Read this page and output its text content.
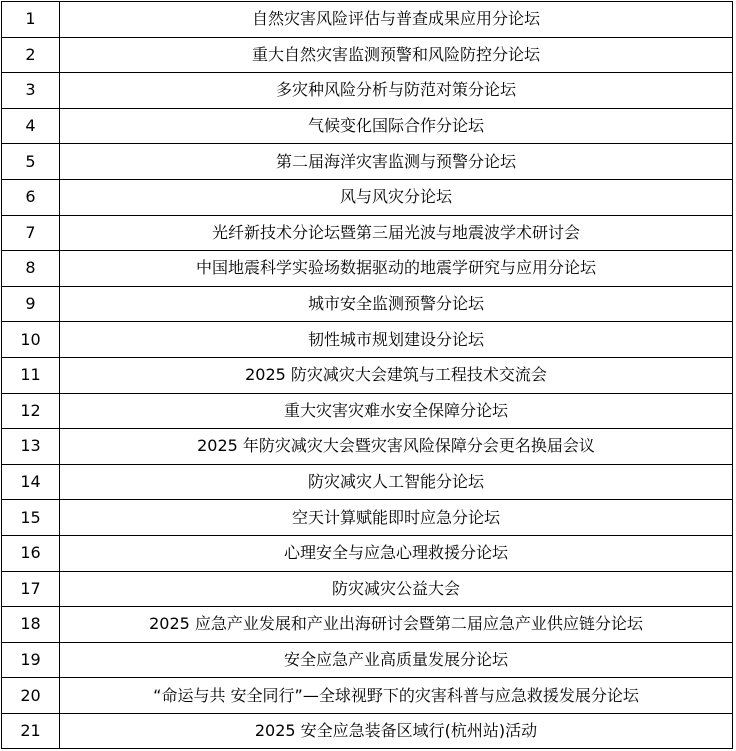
1	自然灾害风险评估与普查成果应用分论坛
2	重大自然灾害监测预警和风险防控分论坛
3	多灾种风险分析与防范对策分论坛
4	气候变化国际合作分论坛
5	第二届海洋灾害监测与预警分论坛
6	风与风灾分论坛
7	光纤新技术分论坛暨第三届光波与地震波学术研讨会
8	中国地震科学实验场数据驱动的地震学研究与应用分论坛
9	城市安全监测预警分论坛
10	韧性城市规划建设分论坛
11	2025 防灾减灾大会建筑与工程技术交流会
12	重大灾害灾难水安全保障分论坛
13	2025 年防灾减灾大会暨灾害风险保障分会更名换届会议
14	防灾减灾人工智能分论坛
15	空天计算赋能即时应急分论坛
16	心理安全与应急心理救援分论坛
17	防灾减灾公益大会
18	2025 应急产业发展和产业出海研讨会暨第二届应急产业供应链分论坛
19	安全应急产业高质量发展分论坛
20	“命运与共 安全同行”—全球视野下的灾害科普与应急救援发展分论坛
21	2025 安全应急装备区域行(杭州站)活动
